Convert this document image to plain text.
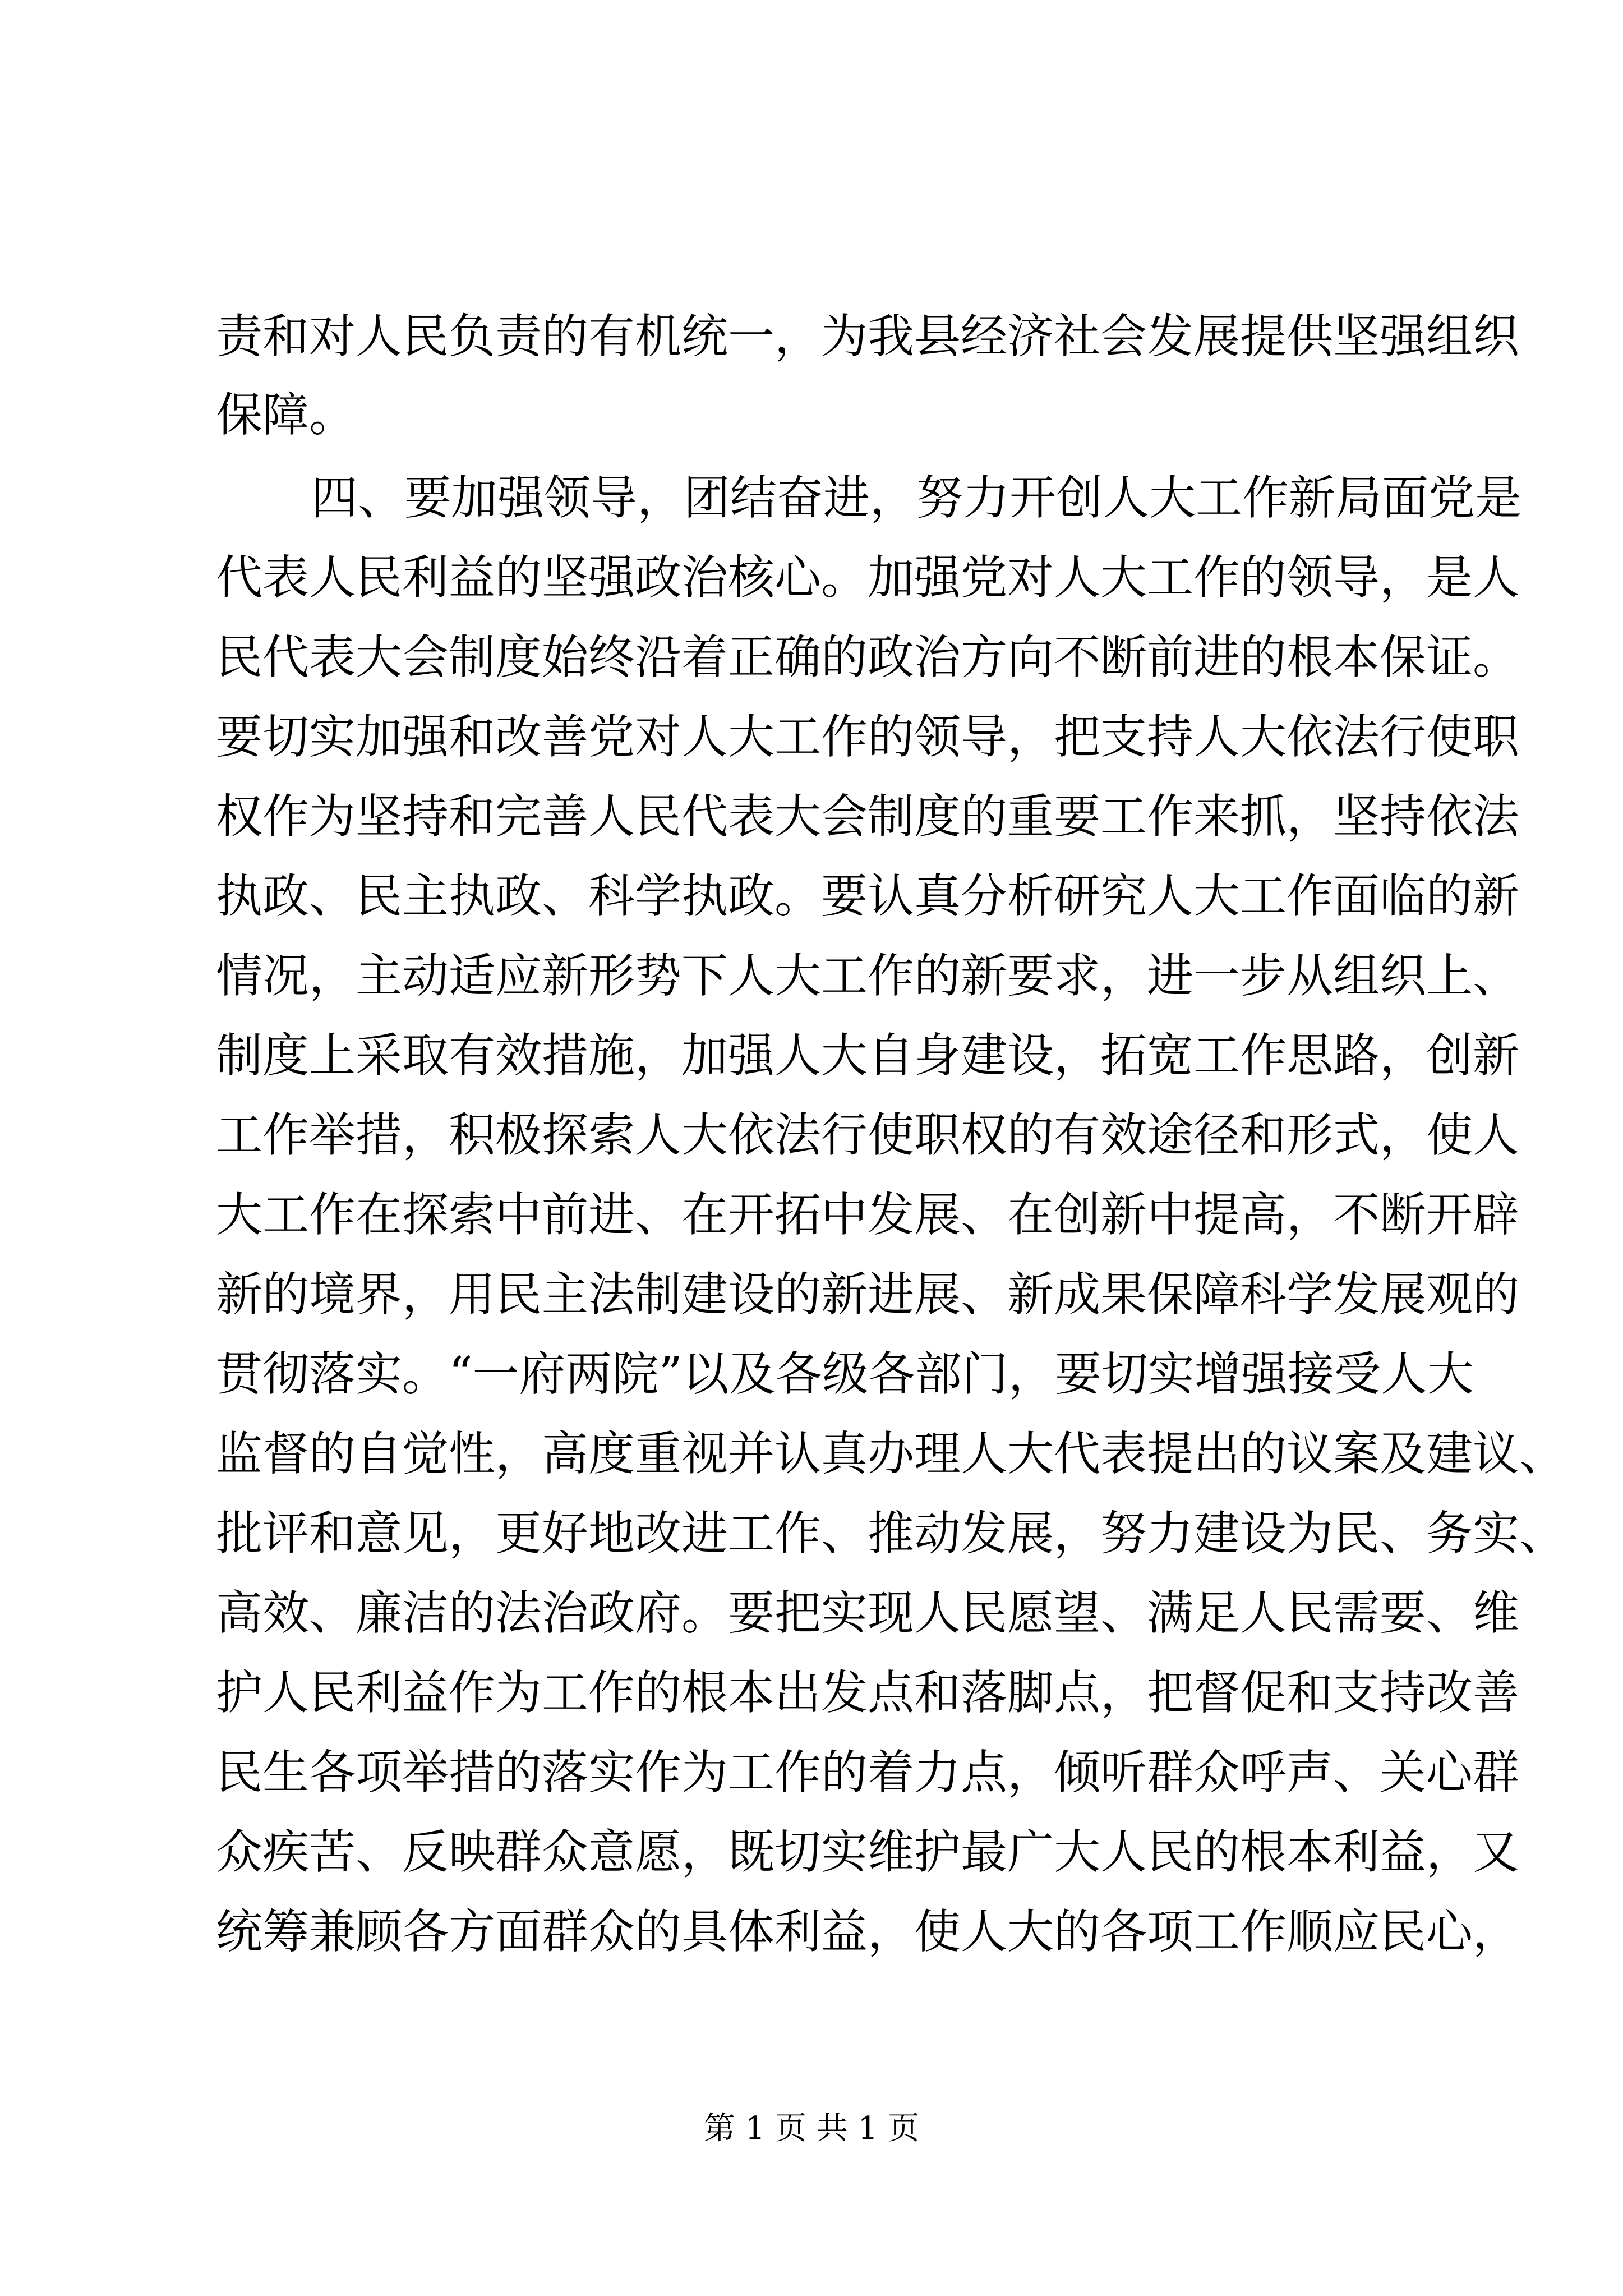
责和对人民负责的有机统一，为我县经济社会发展提供坚强组织
保障。
四、要加强领导，团结奋进，努力开创人大工作新局面党是
代表人民利益的坚强政治核心。加强党对人大工作的领导，是人
民代表大会制度始终沿着正确的政治方向不断前进的根本保证。
要切实加强和改善党对人大工作的领导，把支持人大依法行使职
权作为坚持和完善人民代表大会制度的重要工作来抓，坚持依法
执政、民主执政、科学执政。要认真分析研究人大工作面临的新
情况，主动适应新形势下人大工作的新要求，进一步从组织上、
制度上采取有效措施，加强人大自身建设，拓宽工作思路，创新
工作举措，积极探索人大依法行使职权的有效途径和形式，使人
大工作在探索中前进、在开拓中发展、在创新中提高，不断开辟
新的境界，用民主法制建设的新进展、新成果保障科学发展观的
贯彻落实。“一府两院”以及各级各部门，要切实增强接受人大
监督的自觉性，高度重视并认真办理人大代表提出的议案及建议、
批评和意见，更好地改进工作、推动发展，努力建设为民、务实、
高效、廉洁的法治政府。要把实现人民愿望、满足人民需要、维
护人民利益作为工作的根本出发点和落脚点，把督促和支持改善
民生各项举措的落实作为工作的着力点，倾听群众呼声、关心群
众疾苦、反映群众意愿，既切实维护最广大人民的根本利益，又
统筹兼顾各方面群众的具体利益，使人大的各项工作顺应民心，
第 1 页 共 1 页
